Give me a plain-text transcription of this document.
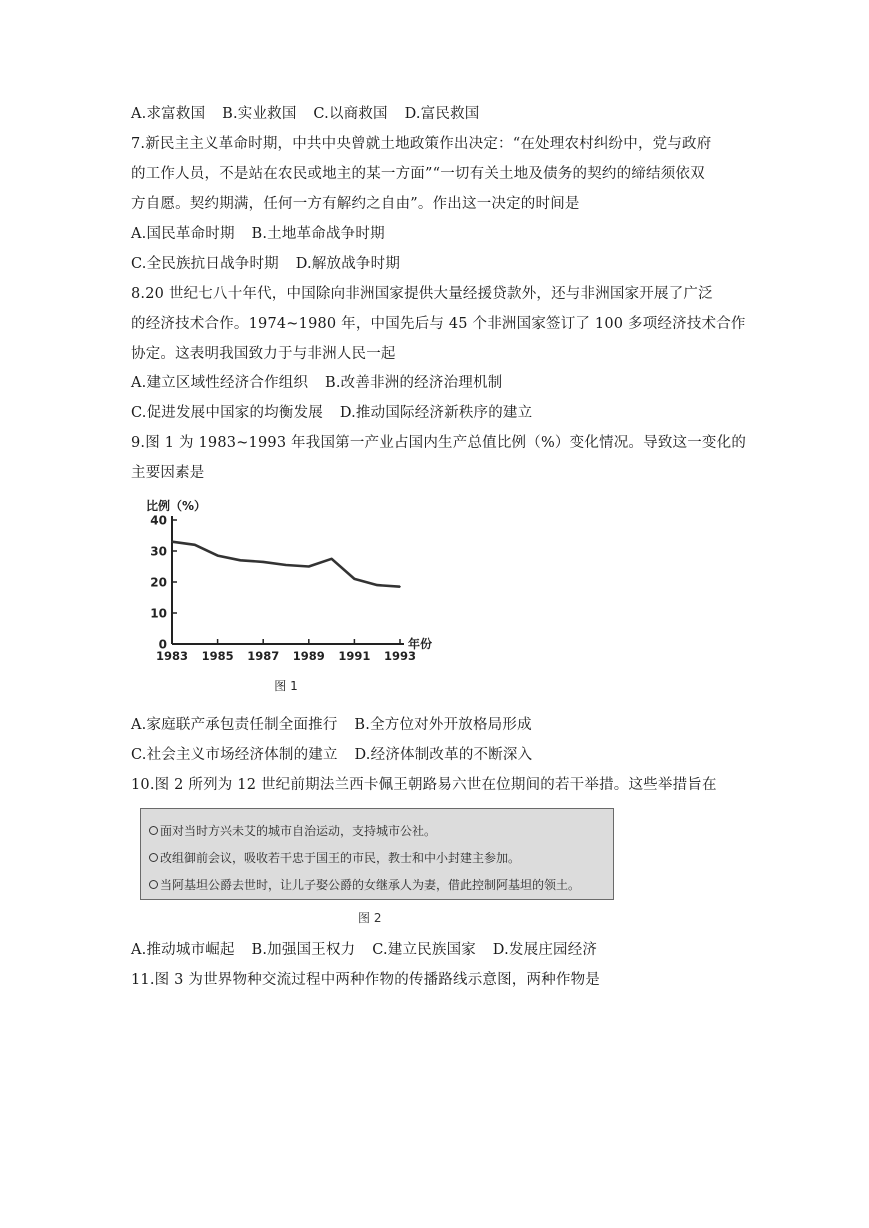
A.求富救国 B.实业救国 C.以商救国 D.富民救国
7.新民主主义革命时期，中共中央曾就土地政策作出决定：“在处理农村纠纷中，党与政府
的工作人员，不是站在农民或地主的某一方面”“一切有关土地及债务的契约的缔结须依双
方自愿。契约期满，任何一方有解约之自由”。作出这一决定的时间是
A.国民革命时期 B.土地革命战争时期
C.全民族抗日战争时期 D.解放战争时期
8.20 世纪七八十年代，中国除向非洲国家提供大量经援贷款外，还与非洲国家开展了广泛
的经济技术合作。1974~1980 年，中国先后与 45 个非洲国家签订了 100 多项经济技术合作
协定。这表明我国致力于与非洲人民一起
A.建立区域性经济合作组织 B.改善非洲的经济治理机制
C.促进发展中国家的均衡发展 D.推动国际经济新秩序的建立
9.图 1 为 1983~1993 年我国第一产业占国内生产总值比例（%）变化情况。导致这一变化的
主要因素是
0
10
20
30
40
1983 1985 1987 1989 1991 1993
比例（%）
年份
图 1
A.家庭联产承包责任制全面推行 B.全方位对外开放格局形成
C.社会主义市场经济体制的建立 D.经济体制改革的不断深入
10.图 2 所列为 12 世纪前期法兰西卡佩王朝路易六世在位期间的若干举措。这些举措旨在
面对当时方兴未艾的城市自治运动，支持城市公社。
改组御前会议，吸收若干忠于国王的市民，教士和中小封建主参加。
当阿基坦公爵去世时，让儿子娶公爵的女继承人为妻，借此控制阿基坦的领土。
图 2
A.推动城市崛起 B.加强国王权力 C.建立民族国家 D.发展庄园经济
11.图 3 为世界物种交流过程中两种作物的传播路线示意图，两种作物是
